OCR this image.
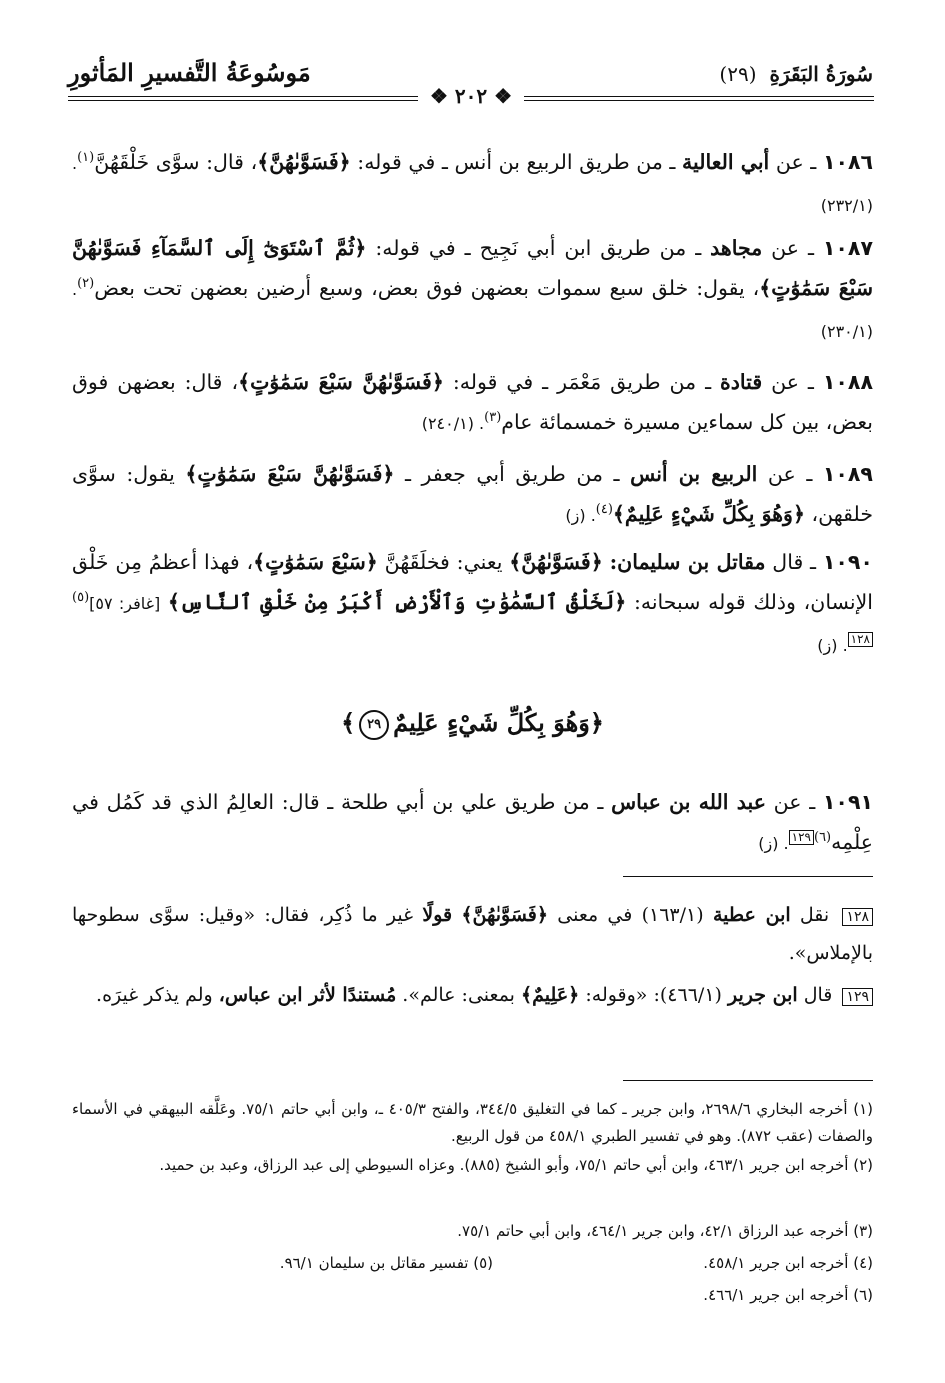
مَوسُوعَةُ التَّفسيرِ المَأثورِ	سُورَةُ البَقَرَةِ (٢٩)
❖ ٢٠٢ ❖
١٠٨٦ ـ عن أبي العالية ـ من طريق الربيع بن أنس ـ في قوله: ﴿فَسَوَّىٰهُنَّ﴾، قال: سوَّى خَلْقَهُنَّ$^{(١)}$. (٢٣٢/١)
١٠٨٧ ـ عن مجاهد ـ من طريق ابن أبي نَجِيح ـ في قوله: ﴿ثُمَّ ٱسْتَوَىٰٓ إِلَى ٱلسَّمَآءِ فَسَوَّىٰهُنَّ سَبْعَ سَمَٰوَٰتٍ﴾، يقول: خلق سبع سموات بعضهن فوق بعض، وسبع أرضين بعضهن تحت بعض$^{(٢)}$. (٢٣٠/١)
١٠٨٨ ـ عن قتادة ـ من طريق مَعْمَر ـ في قوله: ﴿فَسَوَّىٰهُنَّ سَبْعَ سَمَٰوَٰتٍ﴾، قال: بعضهن فوق بعض، بين كل سماءين مسيرة خمسمائة عام$^{(٣)}$. (٢٤٠/١)
١٠٨٩ ـ عن الربيع بن أنس ـ من طريق أبي جعفر ـ ﴿فَسَوَّىٰهُنَّ سَبْعَ سَمَٰوَٰتٍ﴾ يقول: سوَّى خلقهن، ﴿وَهُوَ بِكُلِّ شَيْءٍ عَلِيمٌ﴾$^{(٤)}$. (ز)
١٠٩٠ ـ قال مقاتل بن سليمان: ﴿فَسَوَّىٰهُنَّ﴾ يعني: فخلَقَهُنَّ ﴿سَبْعَ سَمَٰوَٰتٍ﴾، فهذا أعظمُ مِن خَلْق الإنسان، وذلك قوله سبحانه: ﴿لَخَلْقُ ٱلسَّمَٰوَٰتِ وَٱلْأَرْضِ أَكْبَرُ مِنْ خَلْقِ ٱلنَّاسِ﴾ [غافر: ٥٧]$^{(٥)}$١٢٨. (ز)
﴿وَهُوَ بِكُلِّ شَيْءٍ عَلِيمٌ٢٩﴾
١٠٩١ ـ عن عبد الله بن عباس ـ من طريق علي بن أبي طلحة ـ قال: العالِمُ الذي قد كَمُل في عِلْمِه$^{(٦)}$١٢٩. (ز)
١٢٨ نقل ابن عطية (١٦٣/١) في معنى ﴿فَسَوَّىٰهُنَّ﴾ قولًا غير ما ذُكِر، فقال: «وقيل: سوَّى سطوحها بالإملاس».
١٢٩ قال ابن جرير (٤٦٦/١): «وقوله: ﴿عَلِيمٌ﴾ بمعنى: عالم». مُستندًا لأثر ابن عباس، ولم يذكر غيرَه.
(١) أخرجه البخاري ٢٦٩٨/٦، وابن جرير ـ كما في التغليق ٣٤٤/٥، والفتح ٤٠٥/٣ ـ، وابن أبي حاتم ٧٥/١. وعَلَّقه البيهقي في الأسماء والصفات (عقب ٨٧٢). وهو في تفسير الطبري ٤٥٨/١ من قول الربيع.
(٢) أخرجه ابن جرير ٤٦٣/١، وابن أبي حاتم ٧٥/١، وأبو الشيخ (٨٨٥). وعزاه السيوطي إلى عبد الرزاق، وعبد بن حميد.
(٣) أخرجه عبد الرزاق ٤٢/١، وابن جرير ٤٦٤/١، وابن أبي حاتم ٧٥/١.
(٤) أخرجه ابن جرير ٤٥٨/١.
(٥) تفسير مقاتل بن سليمان ٩٦/١.
(٦) أخرجه ابن جرير ٤٦٦/١.
